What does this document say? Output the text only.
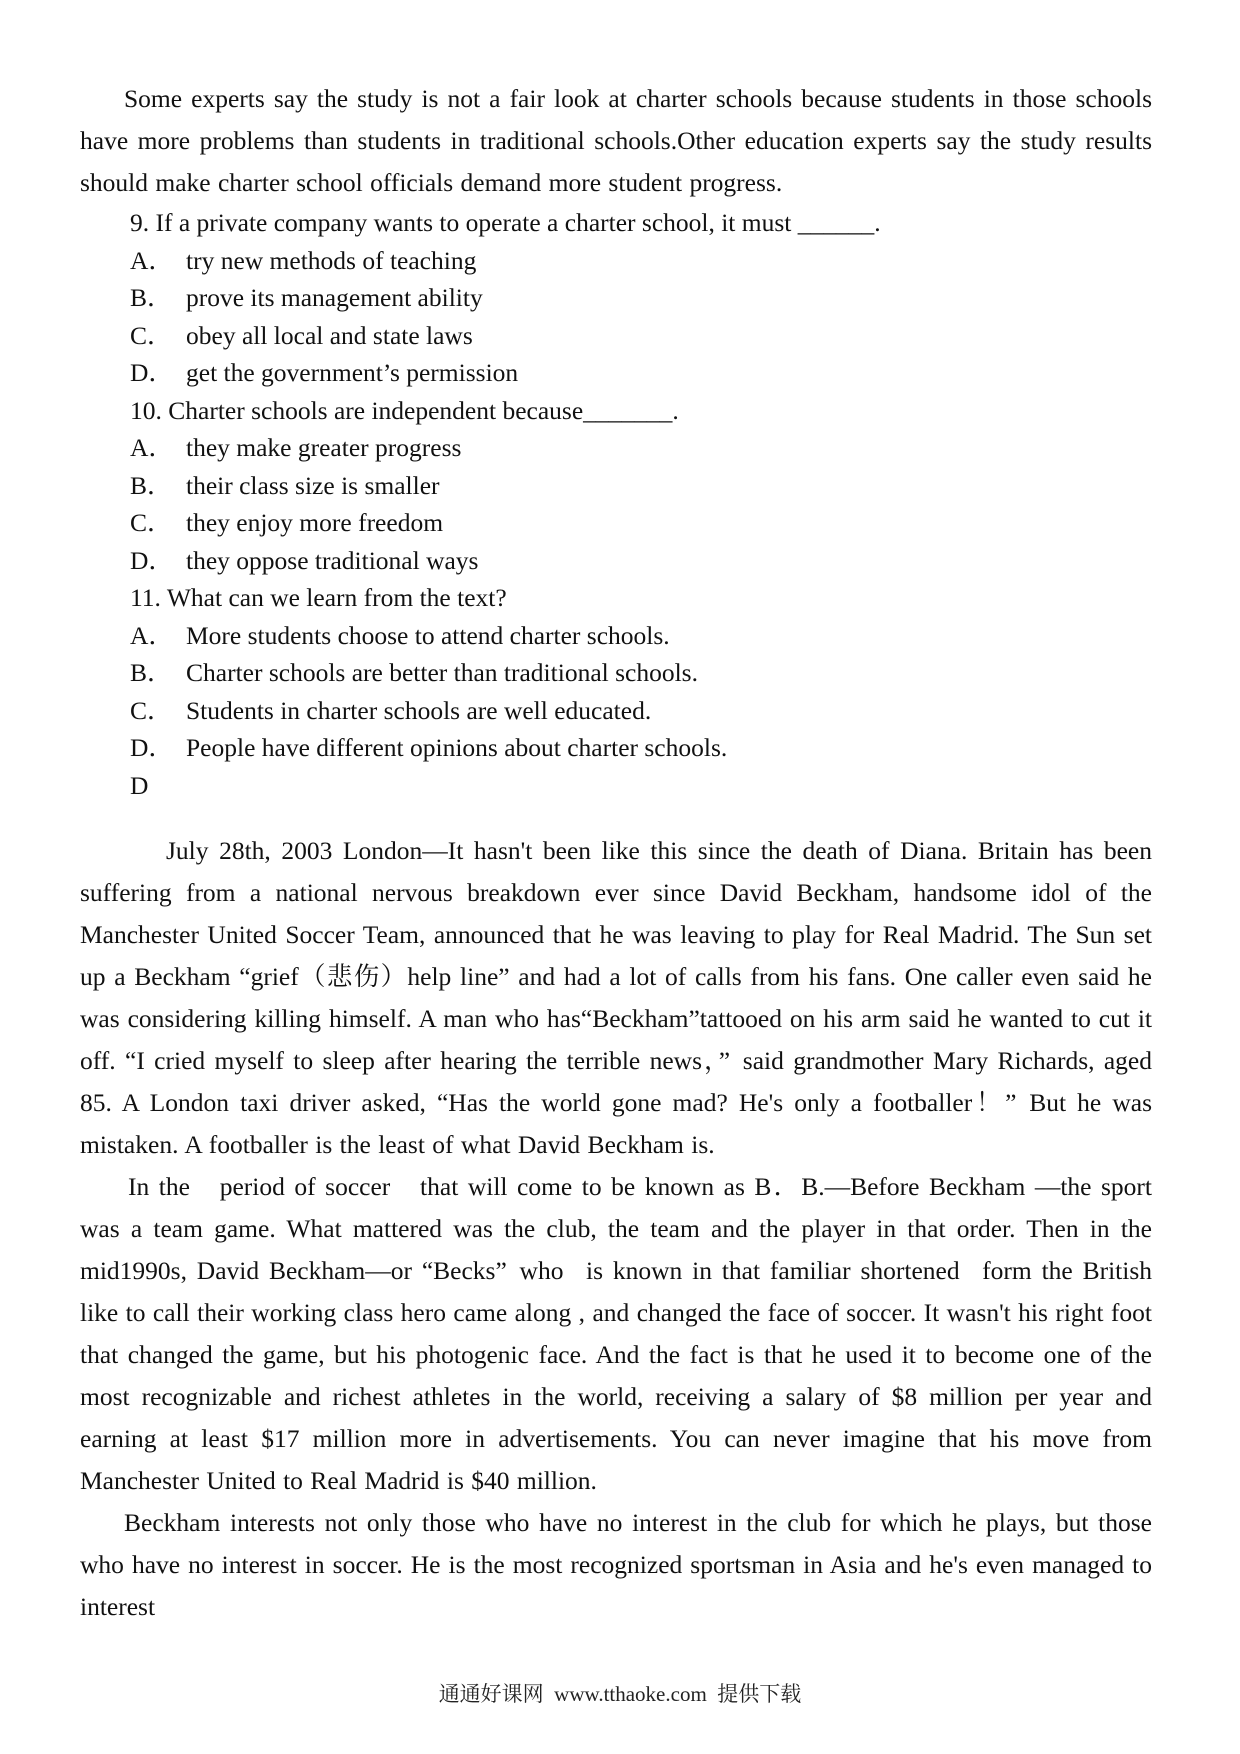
Some experts say the study is not a fair look at charter schools because students in those schools have more problems than students in traditional schools.Other education experts say the study results should make charter school officials demand more student progress.

9. If a private company wants to operate a charter school, it must ______.
A． try new methods of teaching
B． prove its management ability
C． obey all local and state laws
D． get the government’s permission
10. Charter schools are independent because_______.
A． they make greater progress
B． their class size is smaller
C． they enjoy more freedom
D． they oppose traditional ways
11. What can we learn from the text?
A． More students choose to attend charter schools.
B． Charter schools are better than traditional schools.
C． Students in charter schools are well educated.
D． People have different opinions about charter schools.
D

July 28th, 2003 London—It hasn't been like this since the death of Diana. Britain has been suffering from a national nervous breakdown ever since David Beckham, handsome idol of the Manchester United Soccer Team, announced that he was leaving to play for Real Madrid. The Sun set up a Beckham “grief（悲伤）help line” and had a lot of calls from his fans. One caller even said he was considering killing himself. A man who has“Beckham”tattooed on his arm said he wanted to cut it off. “I cried myself to sleep after hearing the terrible news，” said grandmother Mary Richards, aged 85. A London taxi driver asked, “Has the world gone mad? He's only a footballer！” But he was mistaken. A footballer is the least of what David Beckham is.

In the　period of soccer　that will come to be known as B．B.—Before Beckham —the sport was a team game. What mattered was the club, the team and the player in that order. Then in the mid1990s, David Beckham—or “Becks” who  is known in that familiar shortened  form the British like to call their working class hero came along , and changed the face of soccer. It wasn't his right foot that changed the game, but his photogenic face. And the fact is that he used it to become one of the most recognizable and richest athletes in the world, receiving a salary of $8 million per year and earning at least $17 million more in advertisements. You can never imagine that his move from Manchester United to Real Madrid is $40 million.

Beckham interests not only those who have no interest in the club for which he plays, but those who have no interest in soccer. He is the most recognized sportsman in Asia and he's even managed to interest

通通好课网 www.tthaoke.com 提供下载
